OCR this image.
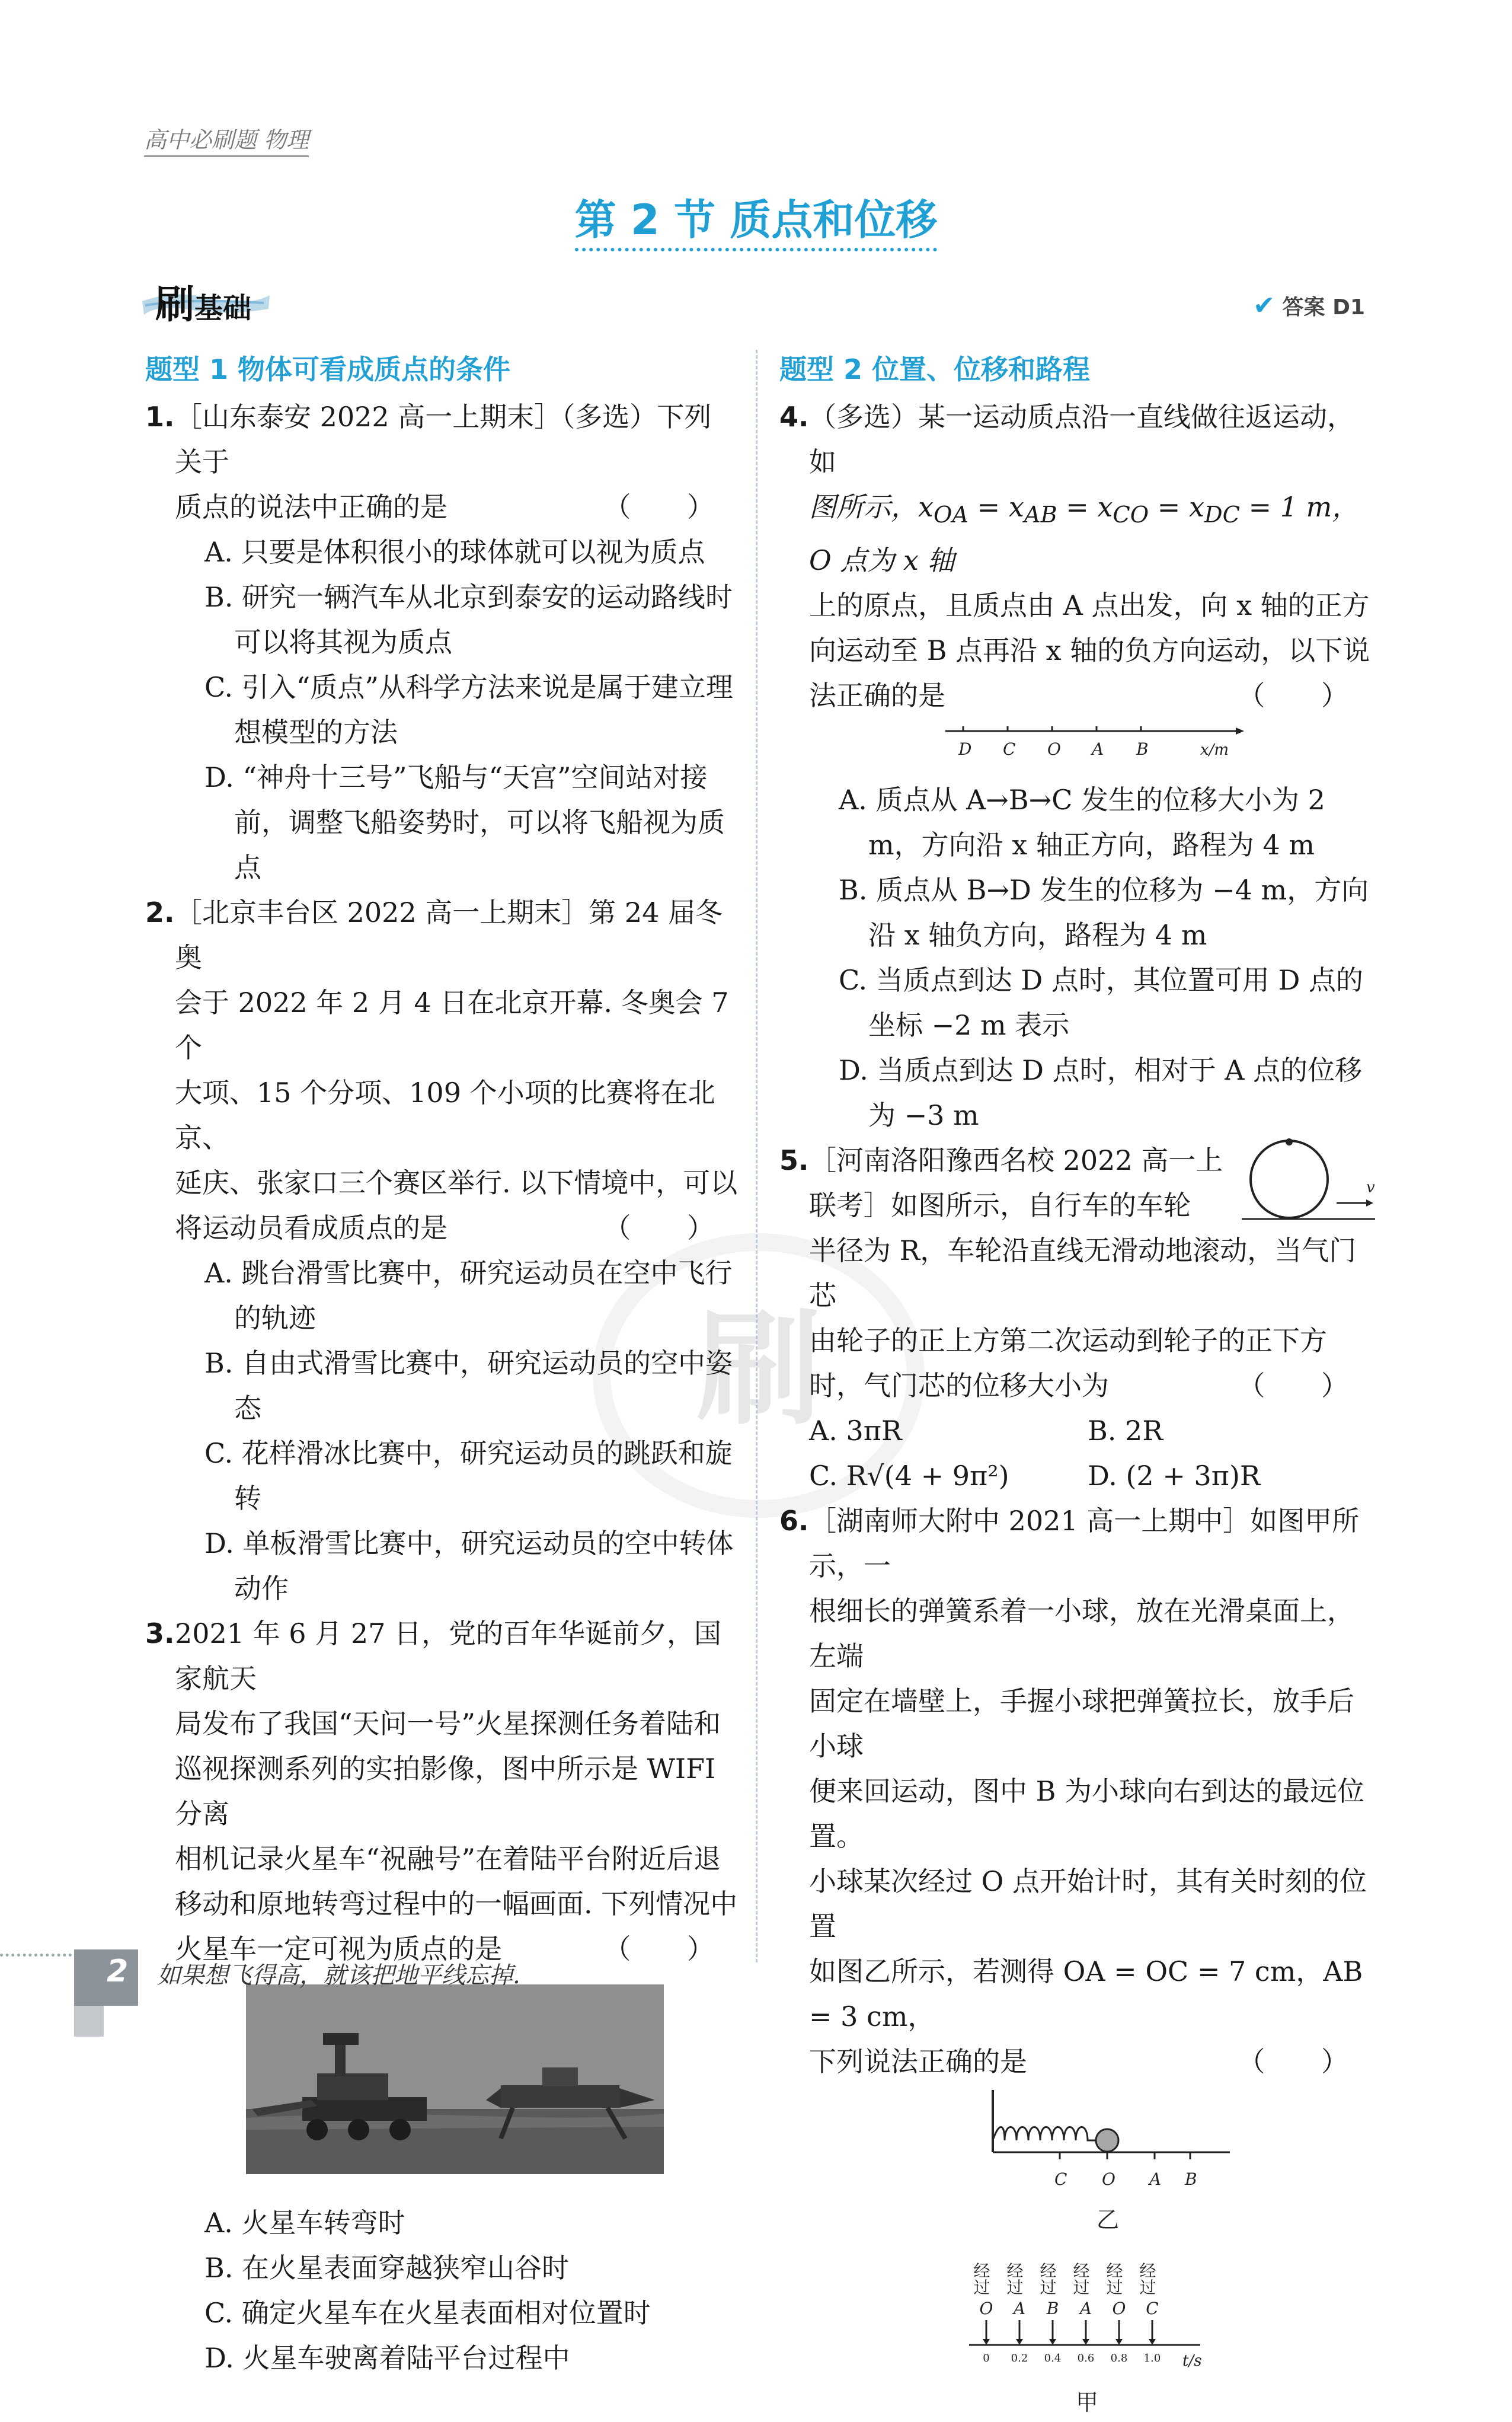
高中必刷题 物理
第 2 节 质点和位移
刷基础	✔ 答案 D1
刷
题型 1 物体可看成质点的条件
1. ［山东泰安 2022 高一上期末］（多选）下列关于
质点的说法中正确的是	（ ）
A. 只要是体积很小的球体就可以视为质点
B. 研究一辆汽车从北京到泰安的运动路线时可以将其视为质点
C. 引入“质点”从科学方法来说是属于建立理想模型的方法
D. “神舟十三号”飞船与“天宫”空间站对接前，调整飞船姿势时，可以将飞船视为质点
2. ［北京丰台区 2022 高一上期末］第 24 届冬奥
会于 2022 年 2 月 4 日在北京开幕. 冬奥会 7 个
大项、15 个分项、109 个小项的比赛将在北京、
延庆、张家口三个赛区举行. 以下情境中，可以
将运动员看成质点的是	（ ）
A. 跳台滑雪比赛中，研究运动员在空中飞行的轨迹
B. 自由式滑雪比赛中，研究运动员的空中姿态
C. 花样滑冰比赛中，研究运动员的跳跃和旋转
D. 单板滑雪比赛中，研究运动员的空中转体动作
3. 2021 年 6 月 27 日，党的百年华诞前夕，国家航天
局发布了我国“天问一号”火星探测任务着陆和
巡视探测系列的实拍影像，图中所示是 WIFI 分离
相机记录火星车“祝融号”在着陆平台附近后退
移动和原地转弯过程中的一幅画面. 下列情况中
火星车一定可视为质点的是	（ ）
A. 火星车转弯时
B. 在火星表面穿越狭窄山谷时
C. 确定火星车在火星表面相对位置时
D. 火星车驶离着陆平台过程中
题型 2 位置、位移和路程
4. （多选）某一运动质点沿一直线做往返运动，如
图所示，$x_{OA} = x_{AB} = x_{CO} = x_{DC} = 1$ m，O 点为 x 轴
上的原点，且质点由 A 点出发，向 x 轴的正方
向运动至 B 点再沿 x 轴的负方向运动，以下说
法正确的是	（ ）
D C O A B	x/m
A. 质点从 A→B→C 发生的位移大小为 2 m，方向沿 x 轴正方向，路程为 4 m
B. 质点从 B→D 发生的位移为 −4 m，方向沿 x 轴负方向，路程为 4 m
C. 当质点到达 D 点时，其位置可用 D 点的坐标 −2 m 表示
D. 当质点到达 D 点时，相对于 A 点的位移为 −3 m
5.
v
［河南洛阳豫西名校 2022 高一上
联考］如图所示，自行车的车轮
半径为 R，车轮沿直线无滑动地滚动，当气门芯
由轮子的正上方第二次运动到轮子的正下方
时，气门芯的位移大小为	（ ）
A. 3πR	B. 2R
C. R√(4 + 9π²)	D. (2 + 3π)R
6. ［湖南师大附中 2021 高一上期中］如图甲所示，一
根细长的弹簧系着一小球，放在光滑桌面上，左端
固定在墙壁上，手握小球把弹簧拉长，放手后小球
便来回运动，图中 B 为小球向右到达的最远位置。
小球某次经过 O 点开始计时，其有关时刻的位置
如图乙所示，若测得 OA = OC = 7 cm，AB = 3 cm，
下列说法正确的是	（ ）
C O A B
乙
经过 经过 经过 经过 经过 经过
O A B A O C
0 0.2 0.4 0.6 0.8 1.0 t/s
甲
2 如果想飞得高，就该把地平线忘掉.
